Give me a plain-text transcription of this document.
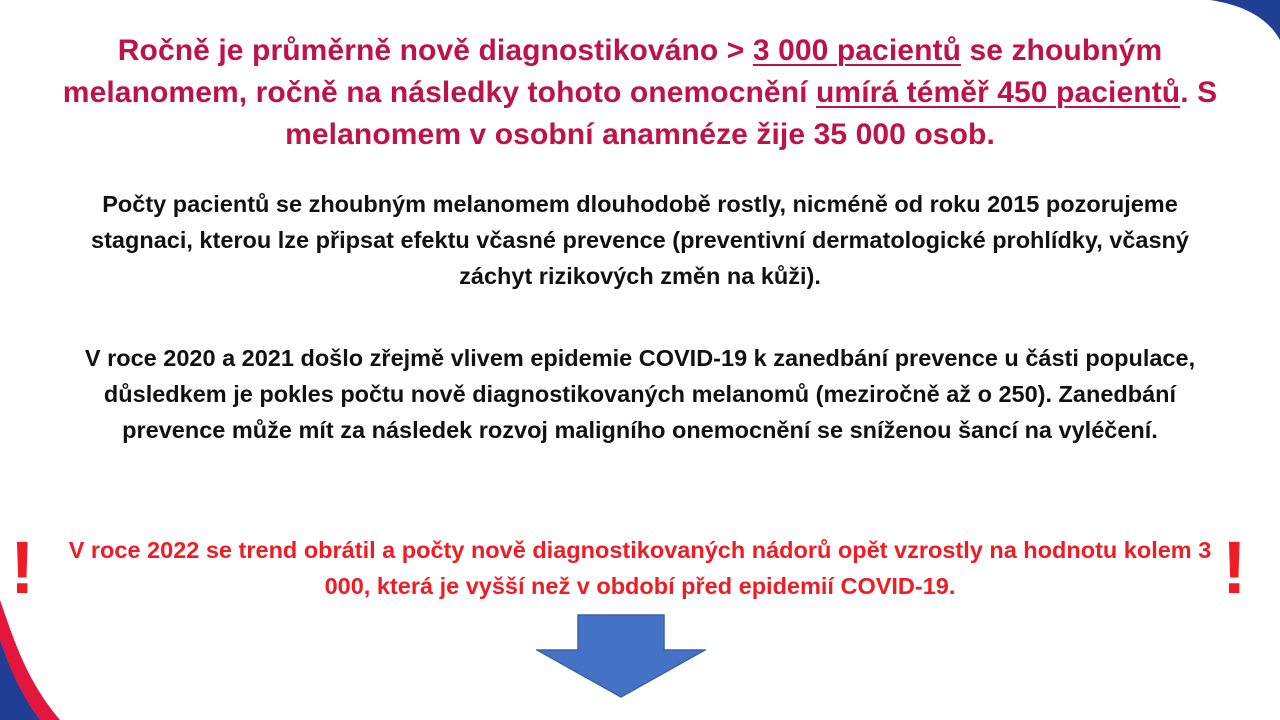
Ročně je průměrně nově diagnostikováno > 3 000 pacientů se zhoubným melanomem, ročně na následky tohoto onemocnění umírá téměř 450 pacientů. S melanomem v osobní anamnéze žije 35 000 osob.
Počty pacientů se zhoubným melanomem dlouhodobě rostly, nicméně od roku 2015 pozorujeme stagnaci, kterou lze připsat efektu včasné prevence (preventivní dermatologické prohlídky, včasný záchyt rizikových změn na kůži).
V roce 2020 a 2021 došlo zřejmě vlivem epidemie COVID-19 k zanedbání prevence u části populace, důsledkem je pokles počtu nově diagnostikovaných melanomů (meziročně až o 250). Zanedbání prevence může mít za následek rozvoj maligního onemocnění se sníženou šancí na vyléčení.
V roce 2022 se trend obrátil a počty nově diagnostikovaných nádorů opět vzrostly na hodnotu kolem 3 000, která je vyšší než v období před epidemií COVID-19.
!	!
